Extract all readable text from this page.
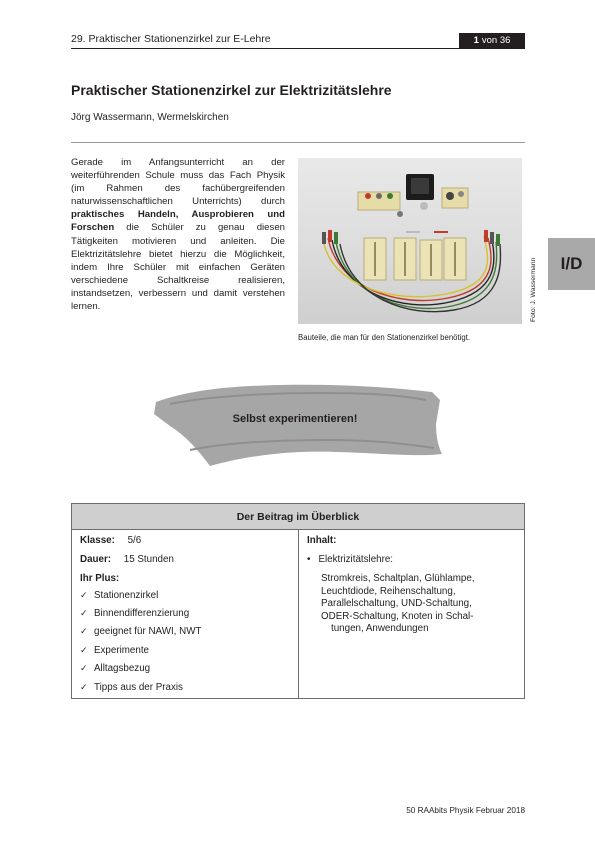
29. Praktischer Stationenzirkel zur E-Lehre	1 von 36
Praktischer Stationenzirkel zur Elektrizitätslehre
Jörg Wassermann, Wermelskirchen
Gerade im Anfangsunterricht an der weiterführenden Schule muss das Fach Physik (im Rahmen des fachübergreifenden naturwissenschaftlichen Unterrichts) durch praktisches Handeln, Ausprobieren und Forschen die Schüler zu genau diesen Tätigkeiten motivieren und anleiten. Die Elektrizitätslehre bietet hierzu die Möglichkeit, indem Ihre Schüler mit einfachen Geräten verschiedene Schaltkreise realisieren, instandsetzen, verbessern und damit verstehen lernen.
Bauteile, die man für den Stationenzirkel benötigt.
Foto: J. Wassermann	I/D
Selbst experimentieren!
Der Beitrag im Überblick
Klasse: 5/6
Dauer: 15 Stunden
Ihr Plus:
✓ Stationenzirkel
✓ Binnendifferenzierung
✓ geeignet für NAWI, NWT
✓ Experimente
✓ Alltagsbezug
✓ Tipps aus der Praxis
Inhalt:
• Elektrizitätslehre:
Stromkreis, Schaltplan, Glühlampe,
Leuchtdiode, Reihenschaltung,
Parallelschaltung, UND-Schaltung,
ODER-Schaltung, Knoten in Schal-
tungen, Anwendungen
50 RAAbits Physik Februar 2018
